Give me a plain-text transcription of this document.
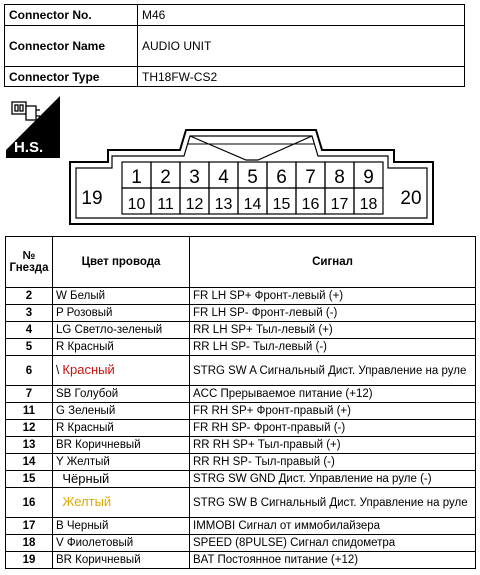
Connector No.	M46
Connector Name	AUDIO UNIT
Connector Type	TH18FW-CS2
H.S.
1 2 3 4 5 6 7 8 9
10 11 12 13 14 15 16 17 18
19	20
№
Гнезда	Цвет провода	Сигнал
2	W Белый	FR LH SP+ Фронт-левый (+)
3	P Розовый	FR LH SP- Фронт-левый (-)
4	LG Светло-зеленый	RR LH SP+ Тыл-левый (+)
5	R Красный	RR LH SP- Тыл-левый (-)
6	\ Красный	STRG SW A Сигнальный Дист. Управление на руле
7	SB Голубой	ACC Прерываемое питание (+12)
11	G Зеленый	FR RH SP+ Фронт-правый (+)
12	R Красный	FR RH SP- Фронт-правый (-)
13	BR Коричневый	RR RH SP+ Тыл-правый (+)
14	Y Желтый	RR RH SP- Тыл-правый (-)
15	Чёрный	STRG SW GND Дист. Управление на руле (-)
16	Желтый	STRG SW B Сигнальный Дист. Управление на руле
17	B Черный	IMMOBI Сигнал от иммобилайзера
18	V Фиолетовый	SPEED (8PULSE) Сигнал спидометра
19	BR Коричневый	BAT Постоянное питание (+12)
